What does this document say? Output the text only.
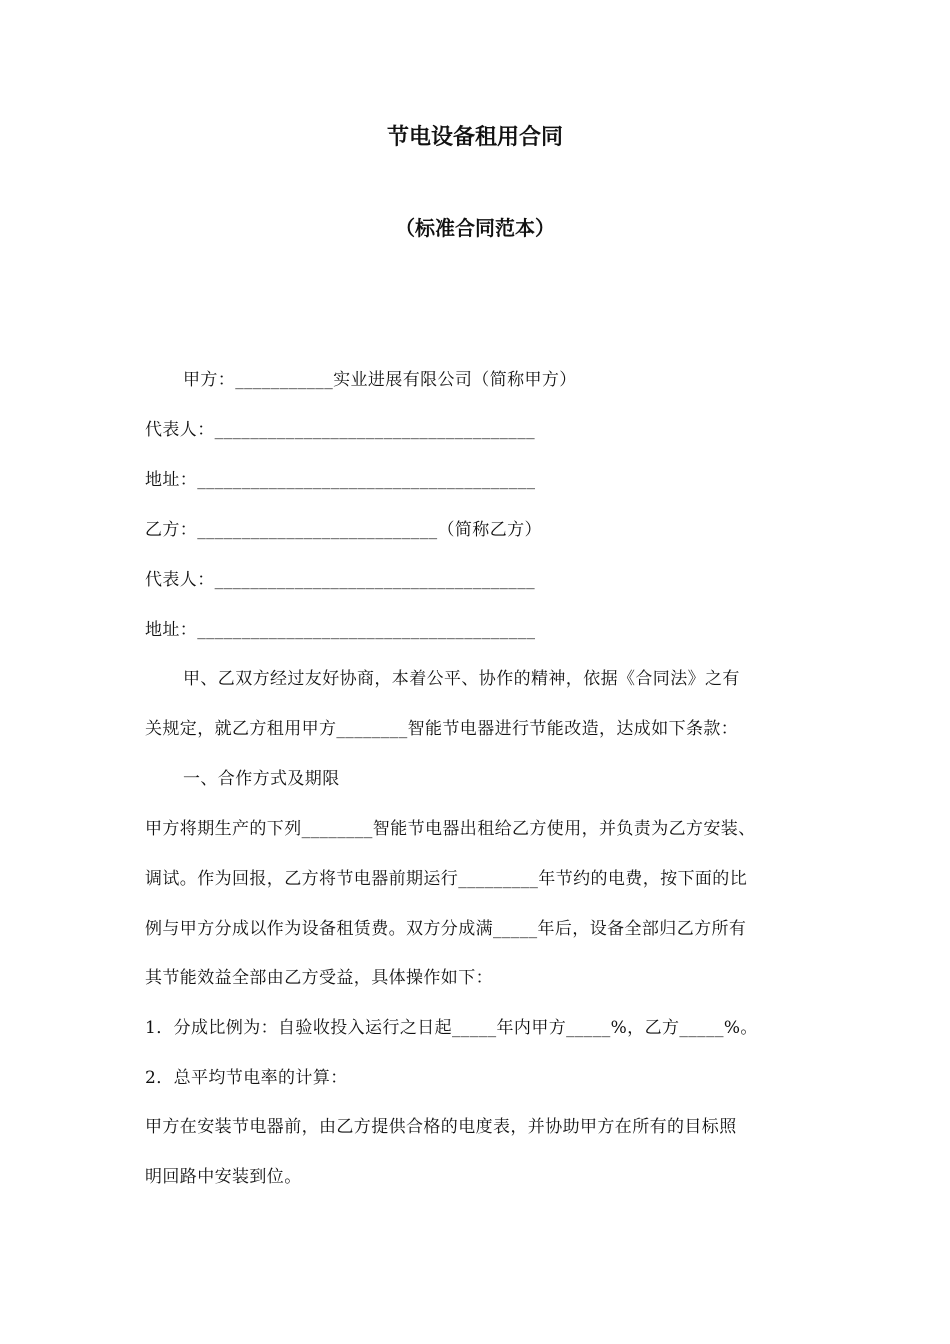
节电设备租用合同
（标准合同范本）
甲方：___________实业进展有限公司（简称甲方）
代表人：____________________________________
地址：______________________________________
乙方：___________________________（简称乙方）
代表人：____________________________________
地址：______________________________________
甲、乙双方经过友好协商，本着公平、协作的精神，依据《合同法》之有
关规定，就乙方租用甲方________智能节电器进行节能改造，达成如下条款：
一、合作方式及期限
甲方将期生产的下列________智能节电器出租给乙方使用，并负责为乙方安装、
调试。作为回报，乙方将节电器前期运行_________年节约的电费，按下面的比
例与甲方分成以作为设备租赁费。双方分成满_____年后，设备全部归乙方所有
其节能效益全部由乙方受益，具体操作如下：
1．分成比例为：自验收投入运行之日起_____年内甲方_____%，乙方_____%。
2．总平均节电率的计算：
甲方在安装节电器前，由乙方提供合格的电度表，并协助甲方在所有的目标照
明回路中安装到位。
